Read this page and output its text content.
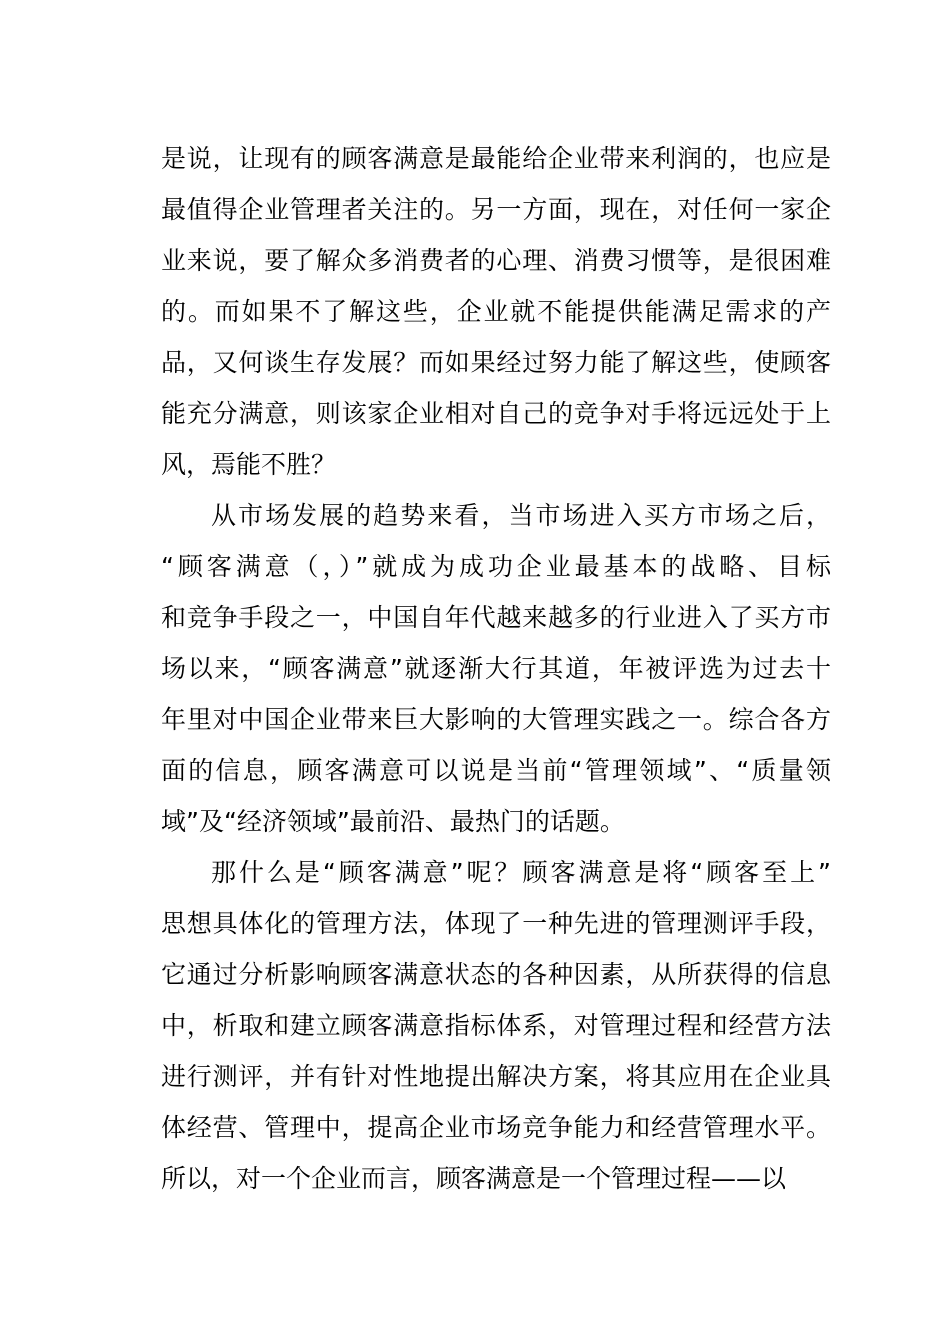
是说，让现有的顾客满意是最能给企业带来利润的，也应是
最值得企业管理者关注的。另一方面，现在，对任何一家企
业来说，要了解众多消费者的心理、消费习惯等，是很困难
的。而如果不了解这些，企业就不能提供能满足需求的产
品，又何谈生存发展？而如果经过努力能了解这些，使顾客
能充分满意，则该家企业相对自己的竞争对手将远远处于上
风，焉能不胜？
从市场发展的趋势来看，当市场进入买方市场之后，
“顾客满意（，）”就成为成功企业最基本的战略、目标
和竞争手段之一，中国自年代越来越多的行业进入了买方市
场以来，“顾客满意”就逐渐大行其道，年被评选为过去十
年里对中国企业带来巨大影响的大管理实践之一。综合各方
面的信息，顾客满意可以说是当前“管理领域”、“质量领
域”及“经济领域”最前沿、最热门的话题。
那什么是“顾客满意”呢？顾客满意是将“顾客至上”
思想具体化的管理方法，体现了一种先进的管理测评手段，
它通过分析影响顾客满意状态的各种因素，从所获得的信息
中，析取和建立顾客满意指标体系，对管理过程和经营方法
进行测评，并有针对性地提出解决方案，将其应用在企业具
体经营、管理中，提高企业市场竞争能力和经营管理水平。
所以，对一个企业而言，顾客满意是一个管理过程——以
